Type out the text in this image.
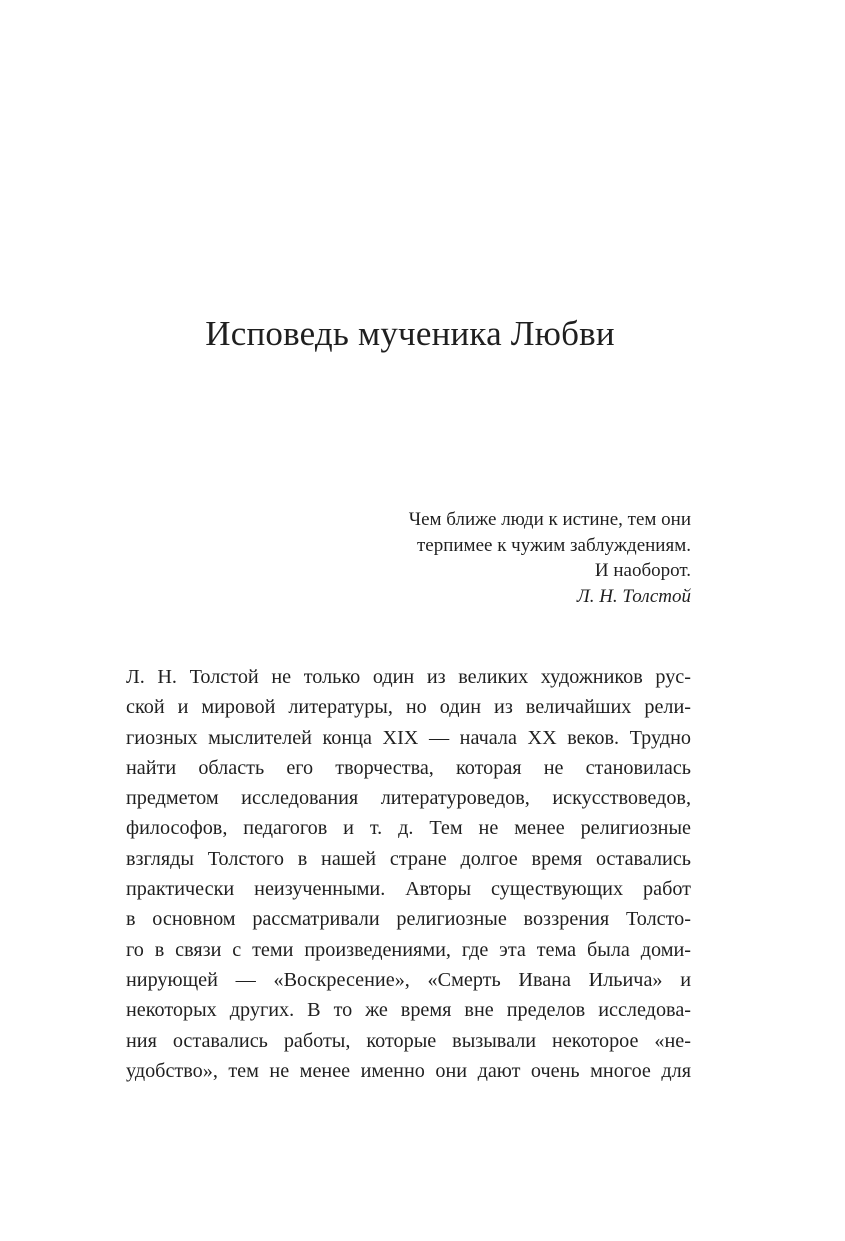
Исповедь мученика Любви
Чем ближе люди к истине, тем они
терпимее к чужим заблуждениям.
И наоборот.
Л. Н. Толстой
Л. Н. Толстой не только один из великих художников рус-
ской и мировой литературы, но один из величайших рели-
гиозных мыслителей конца XIX — начала XX веков. Трудно
найти область его творчества, которая не становилась
предметом исследования литературоведов, искусствоведов,
философов, педагогов и т. д. Тем не менее религиозные
взгляды Толстого в нашей стране долгое время оставались
практически неизученными. Авторы существующих работ
в основном рассматривали религиозные воззрения Толсто-
го в связи с теми произведениями, где эта тема была доми-
нирующей — «Воскресение», «Смерть Ивана Ильича» и
некоторых других. В то же время вне пределов исследова-
ния оставались работы, которые вызывали некоторое «не-
удобство», тем не менее именно они дают очень многое для
